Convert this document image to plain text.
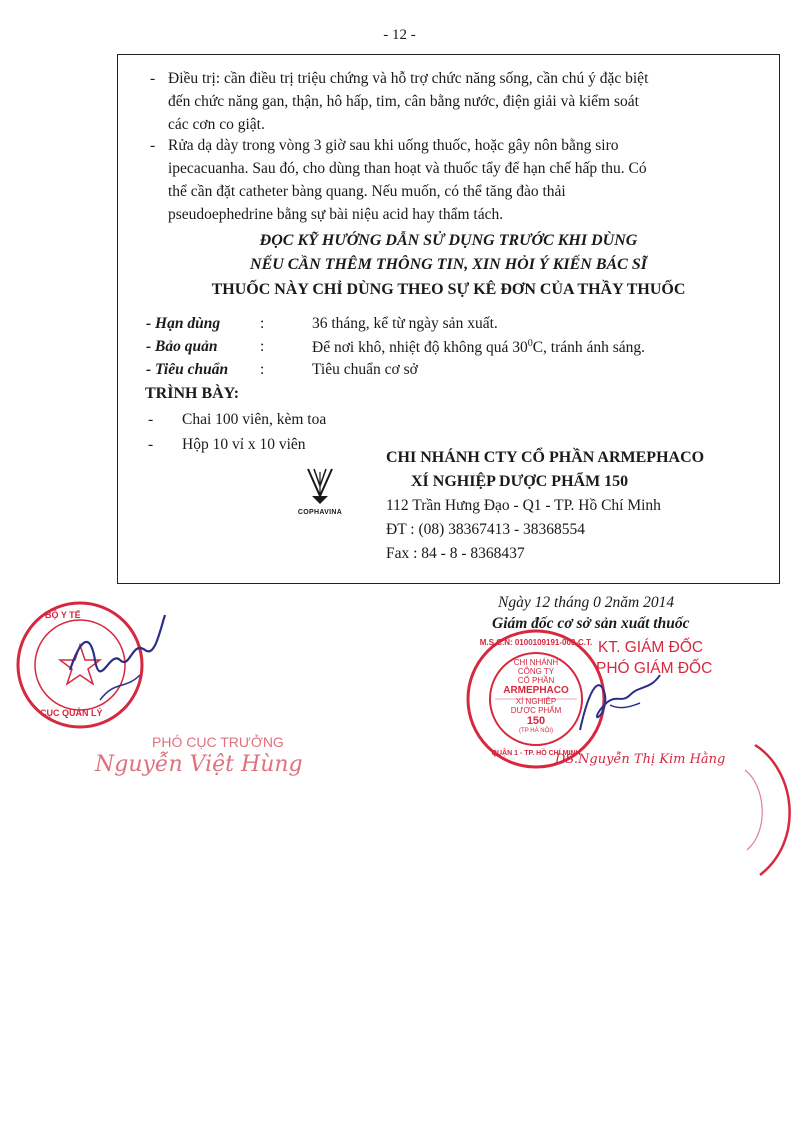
- 12 -
- Điều trị: cần điều trị triệu chứng và hỗ trợ chức năng sống, cần chú ý đặc biệt
đến chức năng gan, thận, hô hấp, tim, cân bằng nước, điện giải và kiểm soát
các cơn co giật.
- Rửa dạ dày trong vòng 3 giờ sau khi uống thuốc, hoặc gây nôn bằng siro
ipecacuanha. Sau đó, cho dùng than hoạt và thuốc tẩy để hạn chế hấp thu. Có
thể cần đặt catheter bàng quang. Nếu muốn, có thể tăng đào thải
pseudoephedrine bằng sự bài niệu acid hay thẩm tách.
ĐỌC KỸ HƯỚNG DẪN SỬ DỤNG TRƯỚC KHI DÙNG
NẾU CẦN THÊM THÔNG TIN, XIN HỎI Ý KIẾN BÁC SĨ
THUỐC NÀY CHỈ DÙNG THEO SỰ KÊ ĐƠN CỦA THẦY THUỐC
- Hạn dùng	:	36 tháng, kể từ ngày sản xuất.
- Bảo quản	:	Để nơi khô, nhiệt độ không quá $30^0C$, tránh ánh sáng.
- Tiêu chuẩn :	Tiêu chuẩn cơ sở
TRÌNH BÀY:
- Chai 100 viên, kèm toa
- Hộp 10 vỉ x 10 viên
COPHAVINA
CHI NHÁNH CTY CỔ PHẦN ARMEPHACO
XÍ NGHIỆP DƯỢC PHẨM 150
112 Trần Hưng Đạo - Q1 - TP. Hồ Chí Minh
ĐT : (08) 38367413 - 38368554
Fax : 84 - 8 - 8368437
Ngày 12 tháng 0 2năm 2014
Giám đốc cơ sở sản xuất thuốc
M.S.C.N: 0100109191-003-C.T.
QUẬN 1 - TP. HỒ CHÍ MINH
CHI NHÁNH
CÔNG TY
CỔ PHẦN
ARMEPHACO
XÍ NGHIỆP
DƯỢC PHẨM
150
(TP HÀ NỘI)
KT. GIÁM ĐỐC
PHÓ GIÁM ĐỐC
DS.Nguyễn Thị Kim Hằng
BỘ Y TẾ
CỤC QUẢN LÝ
PHÓ CỤC TRƯỞNG
Nguyễn Việt Hùng
